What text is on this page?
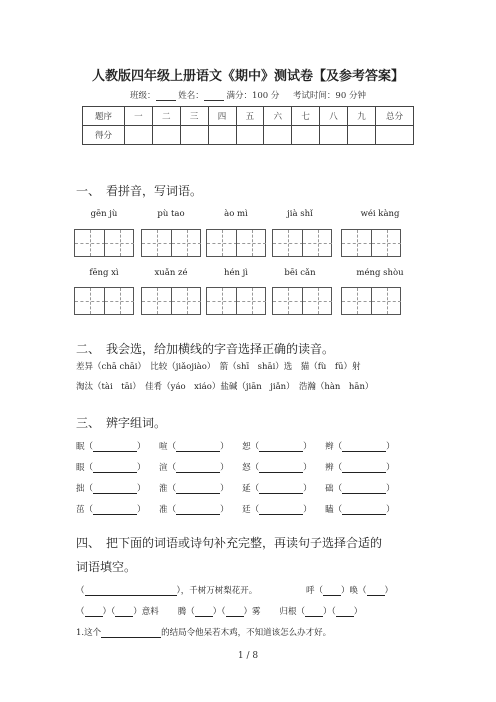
人教版四年级上册语文《期中》测试卷【及参考答案】
班级：	姓名：	满分：100 分 考试时间：90 分钟
题序	一	二	三	四	五	六	七	八	九	总分
得分										
一、　看拼音，写词语。
gēn jù	pù tao	ào mì	jià shǐ	wéi kàng
fēng xì	xuǎn zé	hén jì	bēi cǎn	méng shòu
二、　我会选，给加横线的字音选择正确的读音。
差异（chā chāi）　比较（jiǎojiào）　箭（shī　shāi）选　猫（fù　fū）射
淘汰（tài　tāi）　佳肴（yáo　xiáo）盐碱（jiān　jiǎn）　浩瀚（hàn　hān）
三、　辨字组词。
眠（	）     喧（	）     恕（	）     辫（	）
眼（	）     渲（	）     怒（	）     辨（	）
拙（	）     淮（	）     延（	）     础（	）
茁（	）     准（	）     廷（	）     瞌（	）
四、　把下面的词语或诗句补充完整，再读句子选择合适的
词语填空。
（	），千树万树梨花开。	呼（ ）唤（ ）
（ ）（ ）意料 腾（ ）（ ）雾 归根（ ）（ ）
1.这个	的结局令他呆若木鸡，不知道该怎么办才好。
1 / 8
